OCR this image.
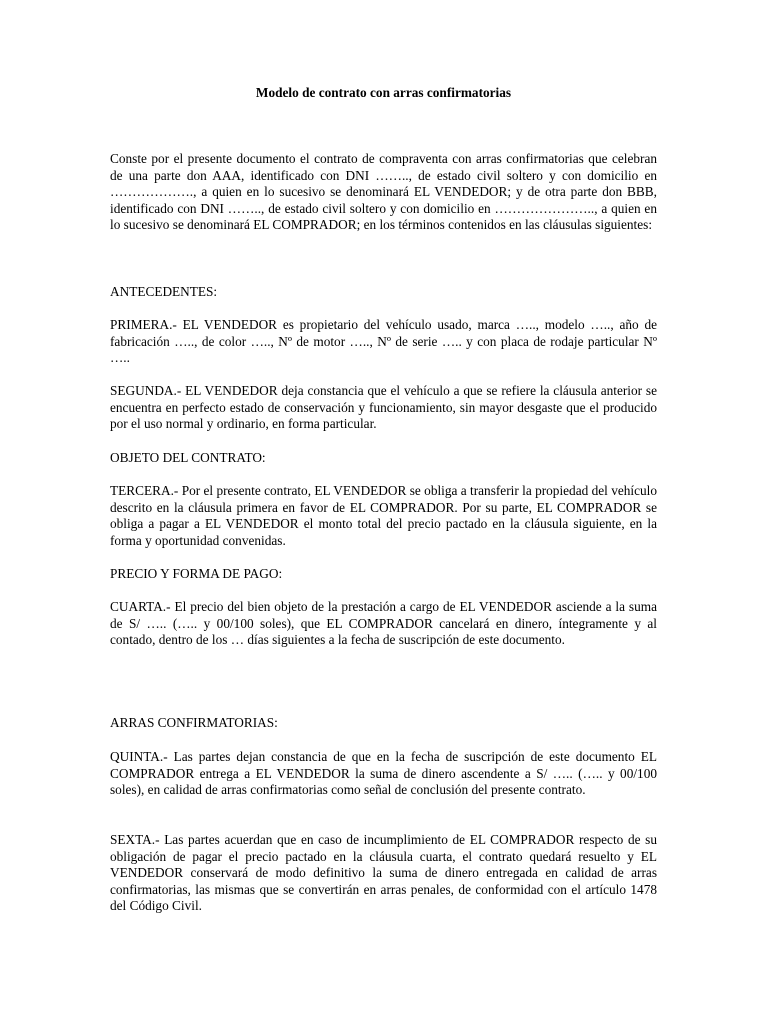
Modelo de contrato con arras confirmatorias
Conste por el presente documento el contrato de compraventa con arras confirmatorias que celebran de una parte don AAA, identificado con DNI …….., de estado civil soltero y con domicilio en ………………., a quien en lo sucesivo se denominará EL VENDEDOR; y de otra parte don BBB, identificado con DNI …….., de estado civil soltero y con domicilio en ………………….., a quien en lo sucesivo se denominará EL COMPRADOR; en los términos contenidos en las cláusulas siguientes:
ANTECEDENTES:
PRIMERA.- EL VENDEDOR es propietario del vehículo usado, marca ….., modelo ….., año de fabricación ….., de color ….., Nº de motor ….., Nº de serie ….. y con placa de rodaje particular Nº …..
SEGUNDA.- EL VENDEDOR deja constancia que el vehículo a que se refiere la cláusula anterior se encuentra en perfecto estado de conservación y funcionamiento, sin mayor desgaste que el producido por el uso normal y ordinario, en forma particular.
OBJETO DEL CONTRATO:
TERCERA.- Por el presente contrato, EL VENDEDOR se obliga a transferir la propiedad del vehículo descrito en la cláusula primera en favor de EL COMPRADOR. Por su parte, EL COMPRADOR se obliga a pagar a EL VENDEDOR el monto total del precio pactado en la cláusula siguiente, en la forma y oportunidad convenidas.
PRECIO Y FORMA DE PAGO:
CUARTA.- El precio del bien objeto de la prestación a cargo de EL VENDEDOR asciende a la suma de S/ ….. (….. y 00/100 soles), que EL COMPRADOR cancelará en dinero, íntegramente y al contado, dentro de los … días siguientes a la fecha de suscripción de este documento.
ARRAS CONFIRMATORIAS:
QUINTA.- Las partes dejan constancia de que en la fecha de suscripción de este documento EL COMPRADOR entrega a EL VENDEDOR la suma de dinero ascendente a S/ ….. (….. y 00/100 soles), en calidad de arras confirmatorias como señal de conclusión del presente contrato.
SEXTA.- Las partes acuerdan que en caso de incumplimiento de EL COMPRADOR respecto de su obligación de pagar el precio pactado en la cláusula cuarta, el contrato quedará resuelto y EL VENDEDOR conservará de modo definitivo la suma de dinero entregada en calidad de arras confirmatorias, las mismas que se convertirán en arras penales, de conformidad con el artículo 1478 del Código Civil.
